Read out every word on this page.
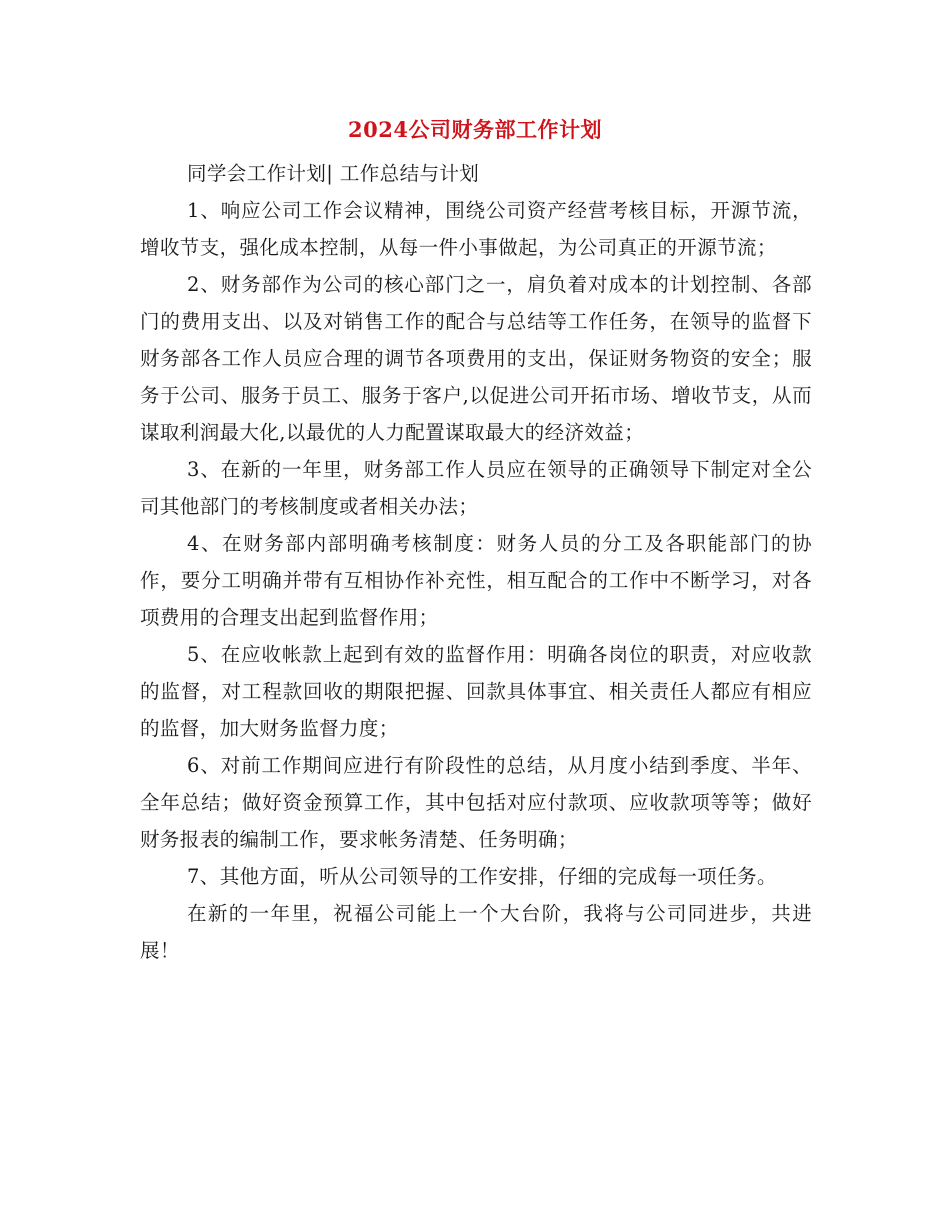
2024公司财务部工作计划

同学会工作计划| 工作总结与计划

1、响应公司工作会议精神，围绕公司资产经营考核目标，开源节流，增收节支，强化成本控制，从每一件小事做起，为公司真正的开源节流；

2、财务部作为公司的核心部门之一，肩负着对成本的计划控制、各部门的费用支出、以及对销售工作的配合与总结等工作任务，在领导的监督下财务部各工作人员应合理的调节各项费用的支出，保证财务物资的安全；服务于公司、服务于员工、服务于客户,以促进公司开拓市场、增收节支，从而谋取利润最大化,以最优的人力配置谋取最大的经济效益；

3、在新的一年里，财务部工作人员应在领导的正确领导下制定对全公司其他部门的考核制度或者相关办法；

4、在财务部内部明确考核制度：财务人员的分工及各职能部门的协作，要分工明确并带有互相协作补充性，相互配合的工作中不断学习，对各项费用的合理支出起到监督作用；

5、在应收帐款上起到有效的监督作用：明确各岗位的职责，对应收款的监督，对工程款回收的期限把握、回款具体事宜、相关责任人都应有相应的监督，加大财务监督力度；

6、对前工作期间应进行有阶段性的总结，从月度小结到季度、半年、全年总结；做好资金预算工作，其中包括对应付款项、应收款项等等；做好财务报表的编制工作，要求帐务清楚、任务明确；

7、其他方面，听从公司领导的工作安排，仔细的完成每一项任务。

在新的一年里，祝福公司能上一个大台阶，我将与公司同进步，共进展！
